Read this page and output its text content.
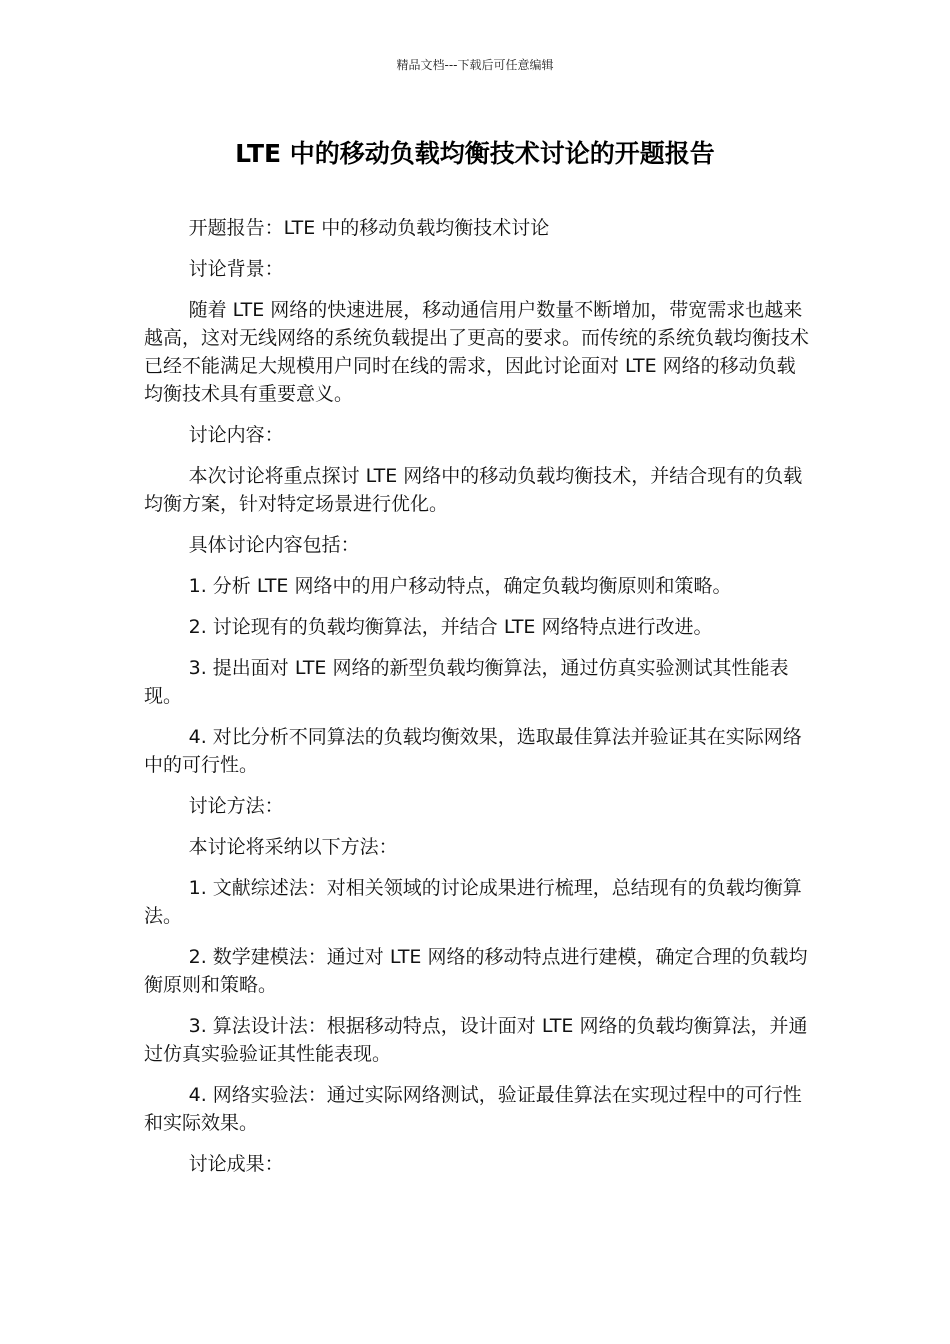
精品文档---下载后可任意编辑
LTE 中的移动负载均衡技术讨论的开题报告

开题报告：LTE 中的移动负载均衡技术讨论

讨论背景：

随着 LTE 网络的快速进展，移动通信用户数量不断增加，带宽需求也越来越高，这对无线网络的系统负载提出了更高的要求。而传统的系统负载均衡技术已经不能满足大规模用户同时在线的需求，因此讨论面对 LTE 网络的移动负载均衡技术具有重要意义。

讨论内容：

本次讨论将重点探讨 LTE 网络中的移动负载均衡技术，并结合现有的负载均衡方案，针对特定场景进行优化。

具体讨论内容包括：

1. 分析 LTE 网络中的用户移动特点，确定负载均衡原则和策略。

2. 讨论现有的负载均衡算法，并结合 LTE 网络特点进行改进。

3. 提出面对 LTE 网络的新型负载均衡算法，通过仿真实验测试其性能表现。

4. 对比分析不同算法的负载均衡效果，选取最佳算法并验证其在实际网络中的可行性。

讨论方法：

本讨论将采纳以下方法：

1. 文献综述法：对相关领域的讨论成果进行梳理，总结现有的负载均衡算法。

2. 数学建模法：通过对 LTE 网络的移动特点进行建模，确定合理的负载均衡原则和策略。

3. 算法设计法：根据移动特点，设计面对 LTE 网络的负载均衡算法，并通过仿真实验验证其性能表现。

4. 网络实验法：通过实际网络测试，验证最佳算法在实现过程中的可行性和实际效果。

讨论成果：
